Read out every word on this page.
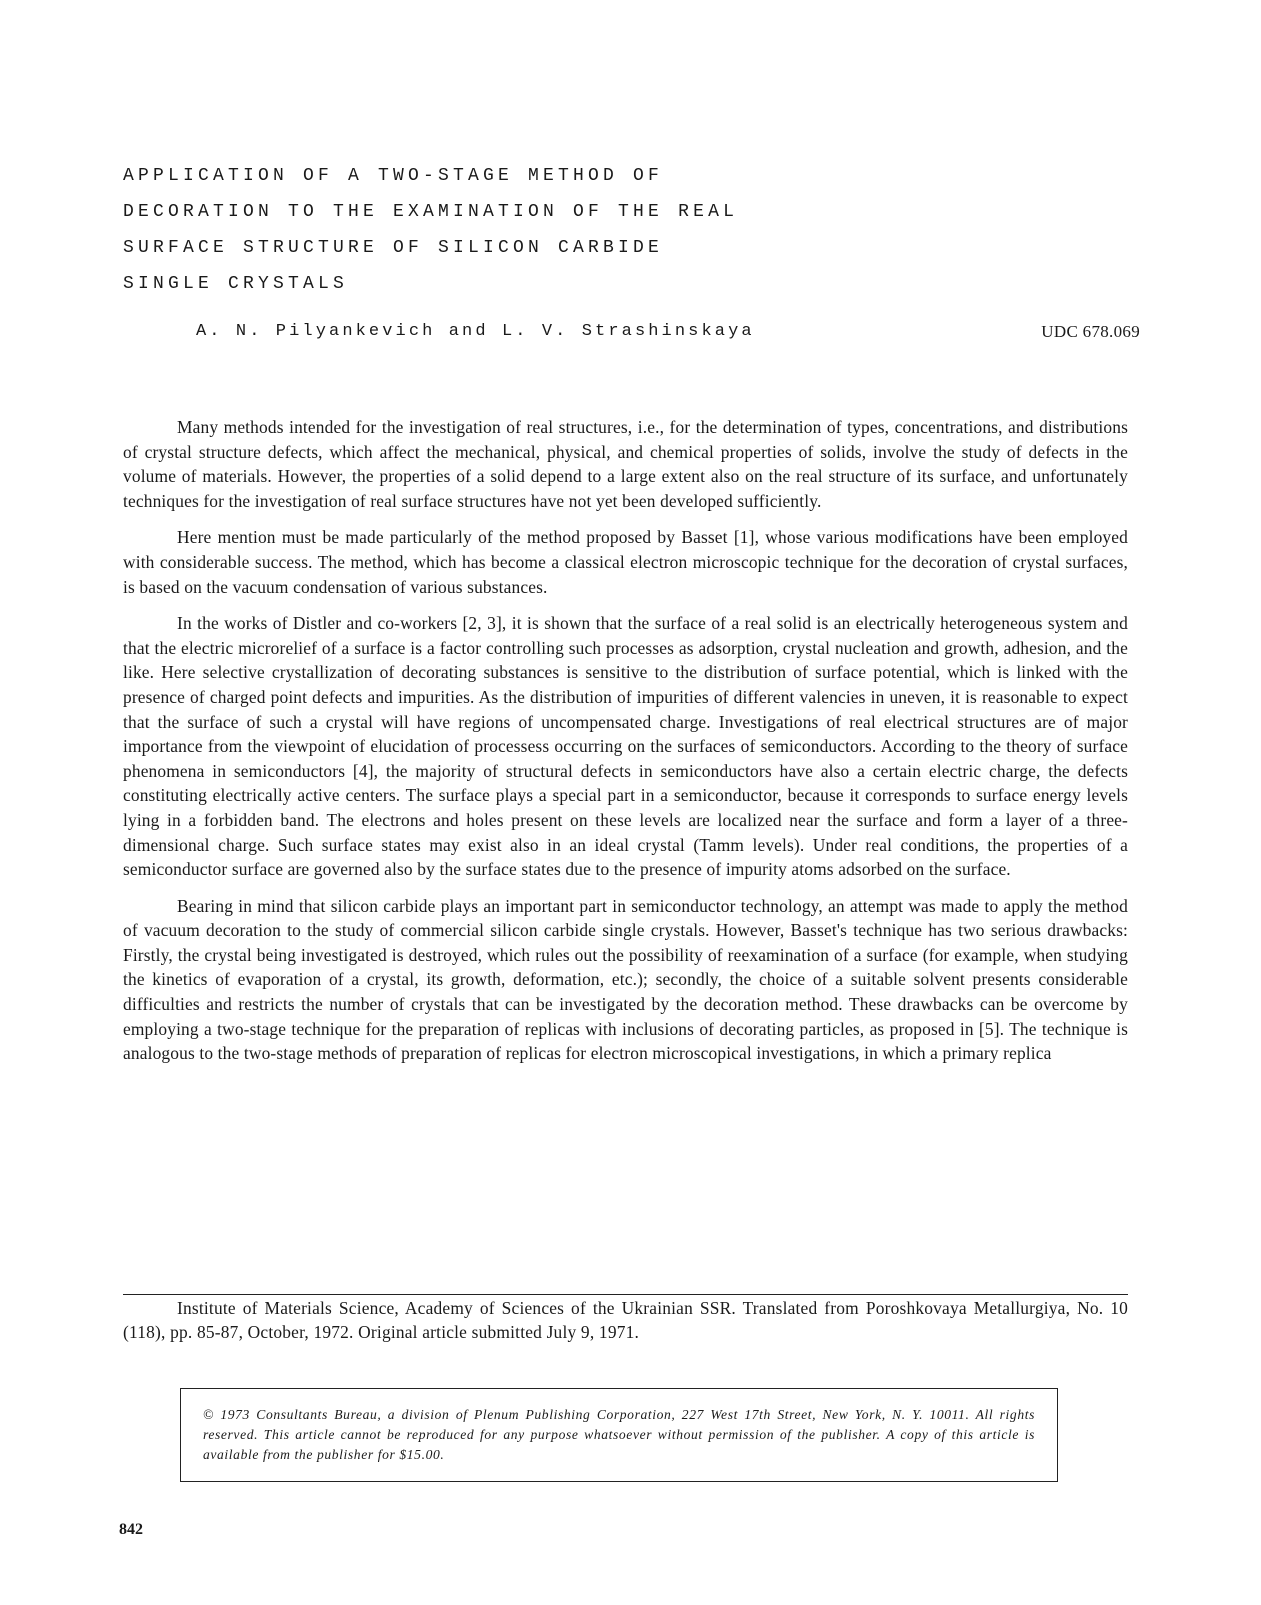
APPLICATION OF A TWO-STAGE METHOD OF
DECORATION TO THE EXAMINATION OF THE REAL
SURFACE STRUCTURE OF SILICON CARBIDE
SINGLE CRYSTALS
A. N. Pilyankevich and L. V. Strashinskaya	UDC 678.069

Many methods intended for the investigation of real structures, i.e., for the determination of types, concentrations, and distributions of crystal structure defects, which affect the mechanical, physical, and chemical properties of solids, involve the study of defects in the volume of materials. However, the properties of a solid depend to a large extent also on the real structure of its surface, and unfortunately techniques for the investigation of real surface structures have not yet been developed sufficiently.

Here mention must be made particularly of the method proposed by Basset [1], whose various modifications have been employed with considerable success. The method, which has become a classical electron microscopic technique for the decoration of crystal surfaces, is based on the vacuum condensation of various substances.

In the works of Distler and co-workers [2, 3], it is shown that the surface of a real solid is an electrically heterogeneous system and that the electric microrelief of a surface is a factor controlling such processes as adsorption, crystal nucleation and growth, adhesion, and the like. Here selective crystallization of decorating substances is sensitive to the distribution of surface potential, which is linked with the presence of charged point defects and impurities. As the distribution of impurities of different valencies in uneven, it is reasonable to expect that the surface of such a crystal will have regions of uncompensated charge. Investigations of real electrical structures are of major importance from the viewpoint of elucidation of processess occurring on the surfaces of semiconductors. According to the theory of surface phenomena in semiconductors [4], the majority of structural defects in semiconductors have also a certain electric charge, the defects constituting electrically active centers. The surface plays a special part in a semiconductor, because it corresponds to surface energy levels lying in a forbidden band. The electrons and holes present on these levels are localized near the surface and form a layer of a three-dimensional charge. Such surface states may exist also in an ideal crystal (Tamm levels). Under real conditions, the properties of a semiconductor surface are governed also by the surface states due to the presence of impurity atoms adsorbed on the surface.

Bearing in mind that silicon carbide plays an important part in semiconductor technology, an attempt was made to apply the method of vacuum decoration to the study of commercial silicon carbide single crystals. However, Basset's technique has two serious drawbacks: Firstly, the crystal being investigated is destroyed, which rules out the possibility of reexamination of a surface (for example, when studying the kinetics of evaporation of a crystal, its growth, deformation, etc.); secondly, the choice of a suitable solvent presents considerable difficulties and restricts the number of crystals that can be investigated by the decoration method. These drawbacks can be overcome by employing a two-stage technique for the preparation of replicas with inclusions of decorating particles, as proposed in [5]. The technique is analogous to the two-stage methods of preparation of replicas for electron microscopical investigations, in which a primary replica

Institute of Materials Science, Academy of Sciences of the Ukrainian SSR. Translated from Poroshkovaya Metallurgiya, No. 10 (118), pp. 85-87, October, 1972. Original article submitted July 9, 1971.
© 1973 Consultants Bureau, a division of Plenum Publishing Corporation, 227 West 17th Street, New York, N. Y. 10011. All rights reserved. This article cannot be reproduced for any purpose whatsoever without permission of the publisher. A copy of this article is available from the publisher for $15.00.
842
